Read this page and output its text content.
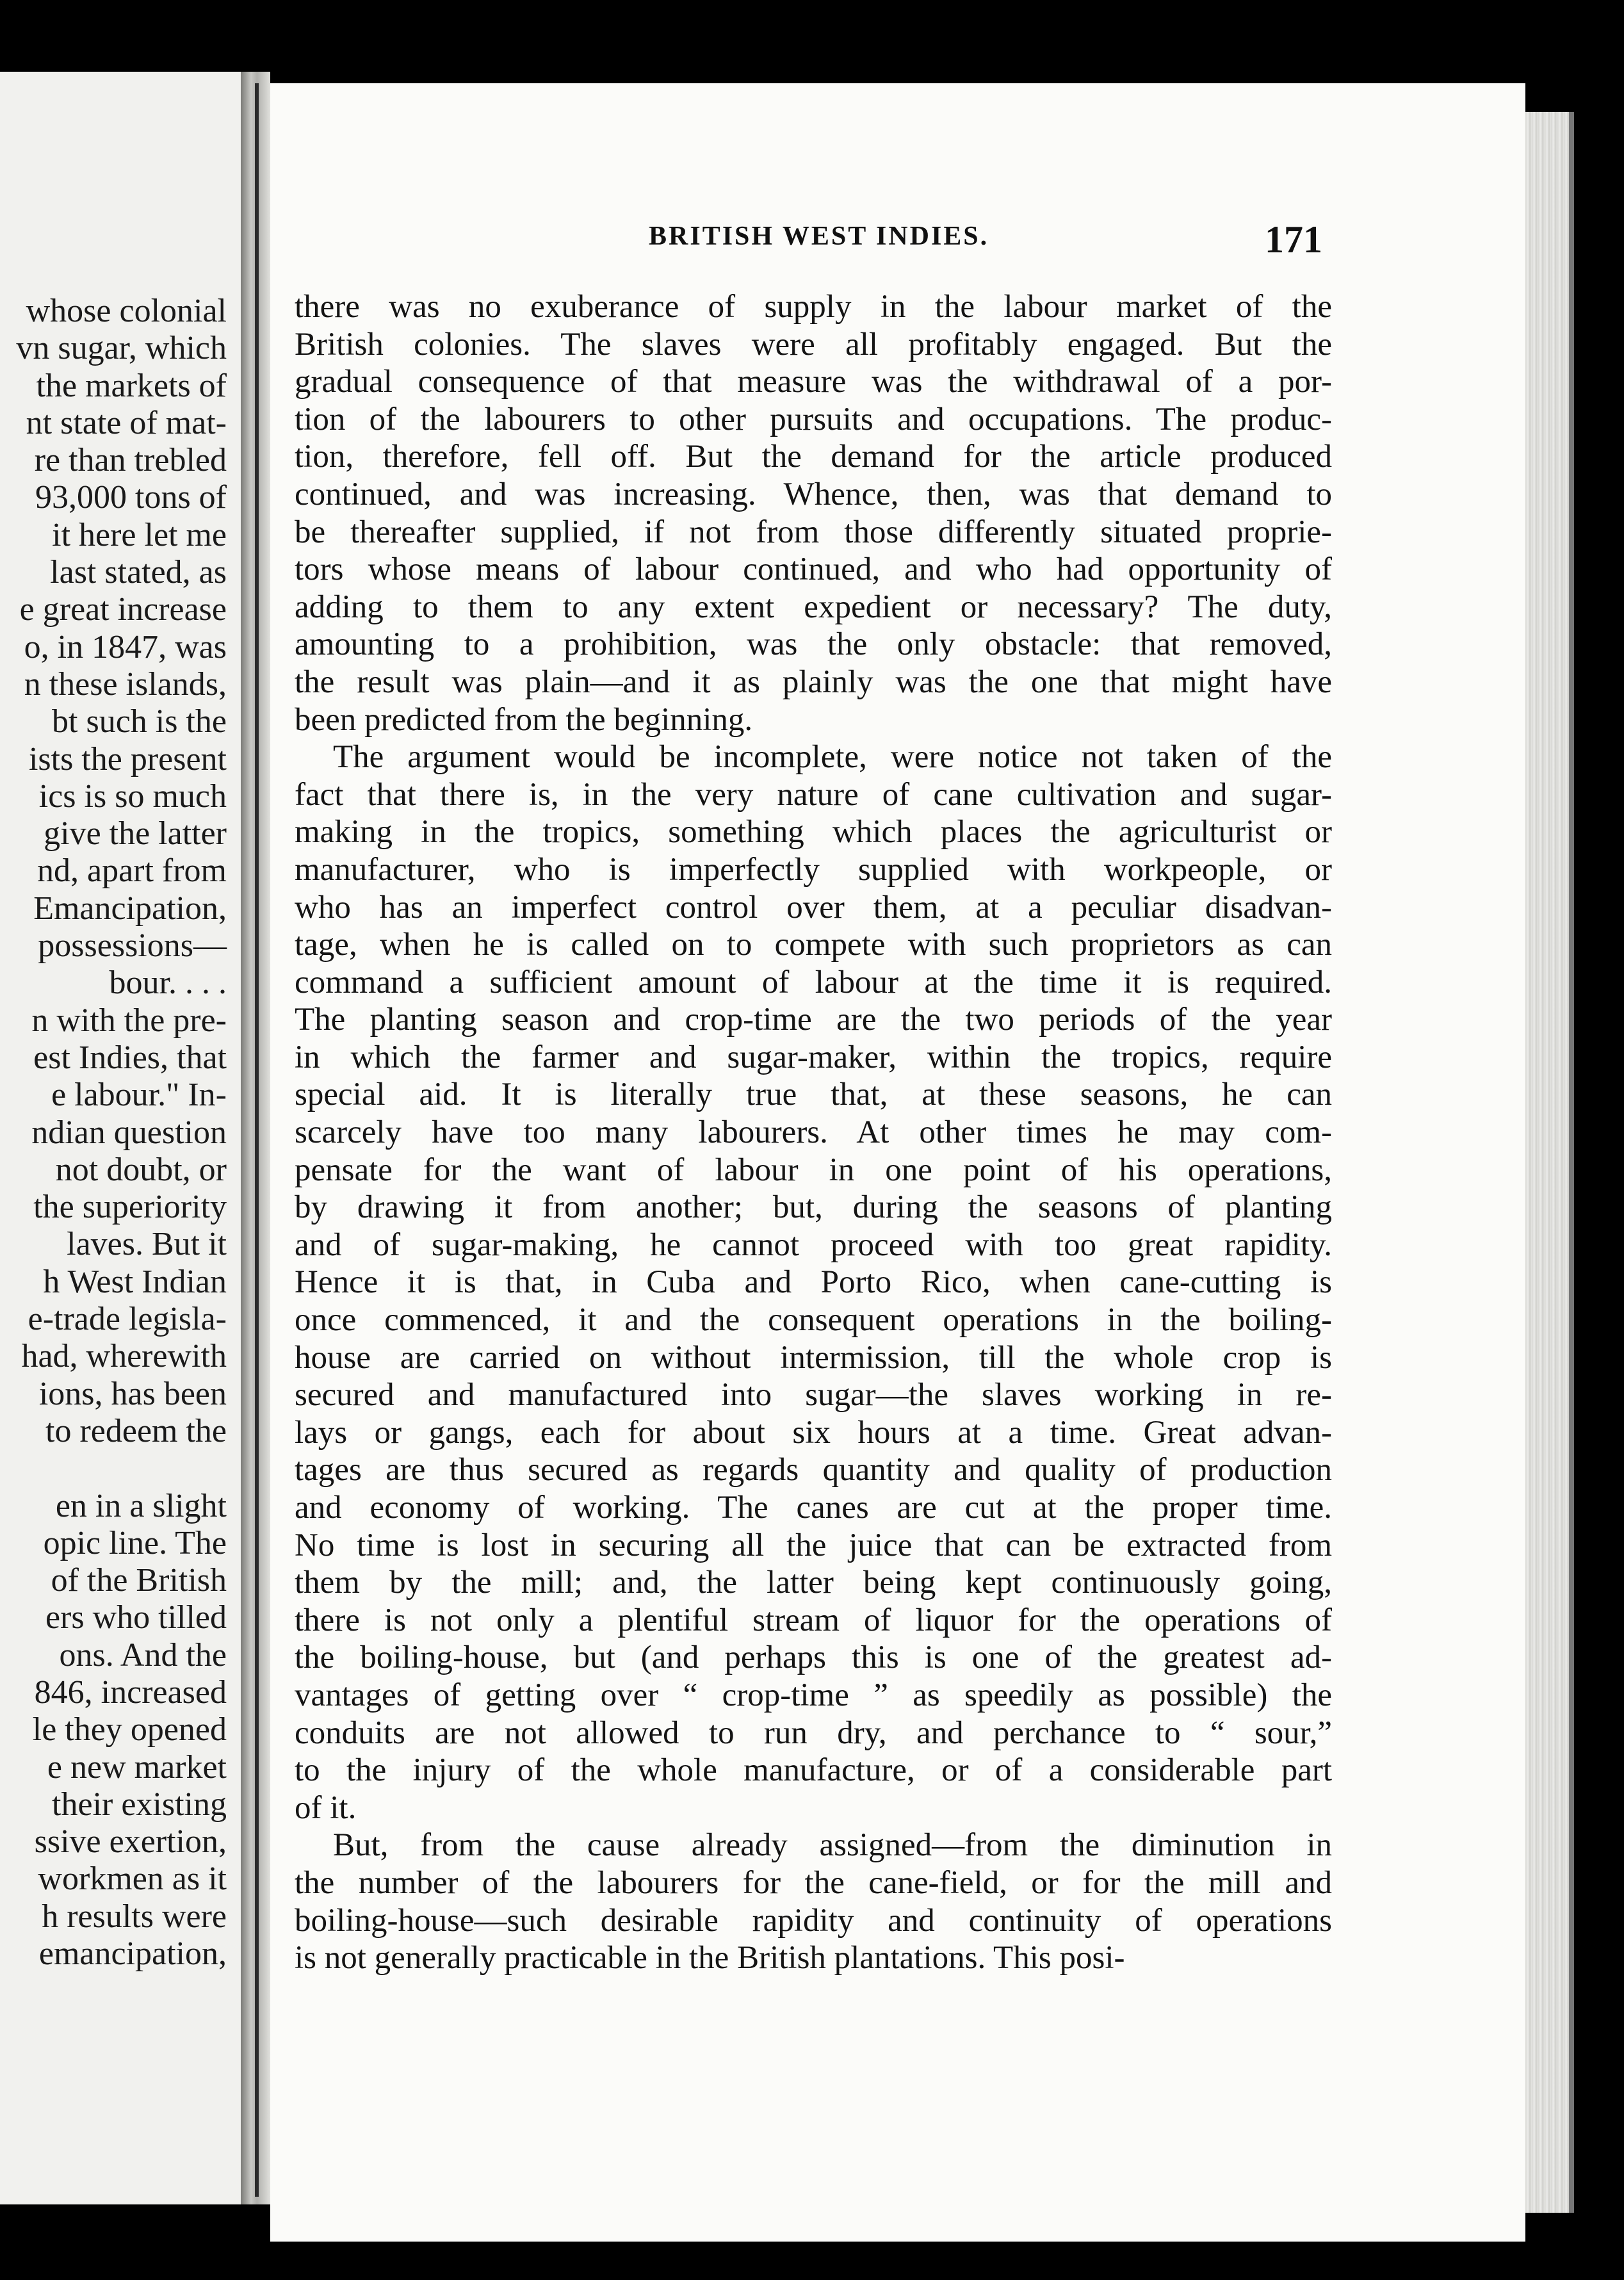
whose colonial
vn sugar, which
the markets of
nt state of mat-
re than trebled
93,000 tons of
it here let me
last stated, as
e great increase
o, in 1847, was
n these islands,
bt such is the
ists the present
ics is so much
give the latter
nd, apart from
Emancipation,
possessions—
bour. . . .
n with the pre-
est Indies, that
e labour." In-
ndian question
not doubt, or
the superiority
laves. But it
h West Indian
e-trade legisla-
had, wherewith
ions, has been
to redeem the

en in a slight
opic line. The
of the British
ers who tilled
ons. And the
846, increased
le they opened
e new market
their existing
ssive exertion,
workmen as it
h results were
emancipation,
BRITISH WEST INDIES.	171
there was no exuberance of supply in the labour market of the
British colonies. The slaves were all profitably engaged. But the
gradual consequence of that measure was the withdrawal of a por-
tion of the labourers to other pursuits and occupations. The produc-
tion, therefore, fell off. But the demand for the article produced
continued, and was increasing. Whence, then, was that demand to
be thereafter supplied, if not from those differently situated proprie-
tors whose means of labour continued, and who had opportunity of
adding to them to any extent expedient or necessary? The duty,
amounting to a prohibition, was the only obstacle: that removed,
the result was plain—and it as plainly was the one that might have
been predicted from the beginning.
The argument would be incomplete, were notice not taken of the
fact that there is, in the very nature of cane cultivation and sugar-
making in the tropics, something which places the agriculturist or
manufacturer, who is imperfectly supplied with workpeople, or
who has an imperfect control over them, at a peculiar disadvan-
tage, when he is called on to compete with such proprietors as can
command a sufficient amount of labour at the time it is required.
The planting season and crop-time are the two periods of the year
in which the farmer and sugar-maker, within the tropics, require
special aid. It is literally true that, at these seasons, he can
scarcely have too many labourers. At other times he may com-
pensate for the want of labour in one point of his operations,
by drawing it from another; but, during the seasons of planting
and of sugar-making, he cannot proceed with too great rapidity.
Hence it is that, in Cuba and Porto Rico, when cane-cutting is
once commenced, it and the consequent operations in the boiling-
house are carried on without intermission, till the whole crop is
secured and manufactured into sugar—the slaves working in re-
lays or gangs, each for about six hours at a time. Great advan-
tages are thus secured as regards quantity and quality of production
and economy of working. The canes are cut at the proper time.
No time is lost in securing all the juice that can be extracted from
them by the mill; and, the latter being kept continuously going,
there is not only a plentiful stream of liquor for the operations of
the boiling-house, but (and perhaps this is one of the greatest ad-
vantages of getting over “ crop-time ” as speedily as possible) the
conduits are not allowed to run dry, and perchance to “ sour,”
to the injury of the whole manufacture, or of a considerable part
of it.
But, from the cause already assigned—from the diminution in
the number of the labourers for the cane-field, or for the mill and
boiling-house—such desirable rapidity and continuity of operations
is not generally practicable in the British plantations. This posi-
